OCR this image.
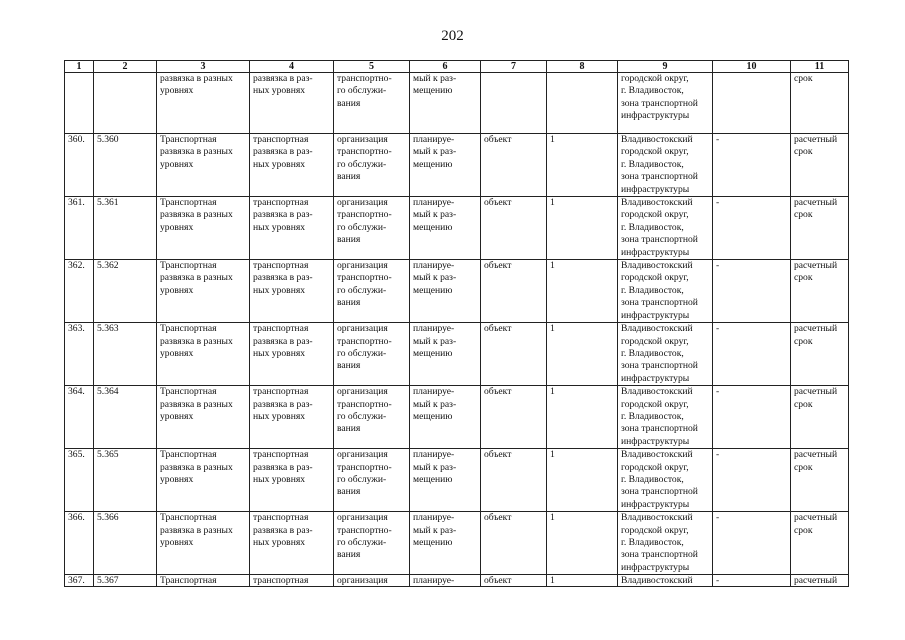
202
1	2	3	4	5	6	7	8	9	10	11
		развязка в разных
уровнях	развязка в раз-
ных уровнях	транспортно-
го обслужи-
вания	мый к раз-
мещению			городской округ,
г. Владивосток,
зона транспортной
инфраструктуры		срок
360.	5.360	Транспортная
развязка в разных
уровнях	транспортная
развязка в раз-
ных уровнях	организация
транспортно-
го обслужи-
вания	планируе-
мый к раз-
мещению	объект	1	Владивостокский
городской округ,
г. Владивосток,
зона транспортной
инфраструктуры	-	расчетный
срок
361.	5.361	Транспортная
развязка в разных
уровнях	транспортная
развязка в раз-
ных уровнях	организация
транспортно-
го обслужи-
вания	планируе-
мый к раз-
мещению	объект	1	Владивостокский
городской округ,
г. Владивосток,
зона транспортной
инфраструктуры	-	расчетный
срок
362.	5.362	Транспортная
развязка в разных
уровнях	транспортная
развязка в раз-
ных уровнях	организация
транспортно-
го обслужи-
вания	планируе-
мый к раз-
мещению	объект	1	Владивостокский
городской округ,
г. Владивосток,
зона транспортной
инфраструктуры	-	расчетный
срок
363.	5.363	Транспортная
развязка в разных
уровнях	транспортная
развязка в раз-
ных уровнях	организация
транспортно-
го обслужи-
вания	планируе-
мый к раз-
мещению	объект	1	Владивостокский
городской округ,
г. Владивосток,
зона транспортной
инфраструктуры	-	расчетный
срок
364.	5.364	Транспортная
развязка в разных
уровнях	транспортная
развязка в раз-
ных уровнях	организация
транспортно-
го обслужи-
вания	планируе-
мый к раз-
мещению	объект	1	Владивостокский
городской округ,
г. Владивосток,
зона транспортной
инфраструктуры	-	расчетный
срок
365.	5.365	Транспортная
развязка в разных
уровнях	транспортная
развязка в раз-
ных уровнях	организация
транспортно-
го обслужи-
вания	планируе-
мый к раз-
мещению	объект	1	Владивостокский
городской округ,
г. Владивосток,
зона транспортной
инфраструктуры	-	расчетный
срок
366.	5.366	Транспортная
развязка в разных
уровнях	транспортная
развязка в раз-
ных уровнях	организация
транспортно-
го обслужи-
вания	планируе-
мый к раз-
мещению	объект	1	Владивостокский
городской округ,
г. Владивосток,
зона транспортной
инфраструктуры	-	расчетный
срок
367.	5.367	Транспортная	транспортная	организация	планируе-	объект	1	Владивостокский	-	расчетный
